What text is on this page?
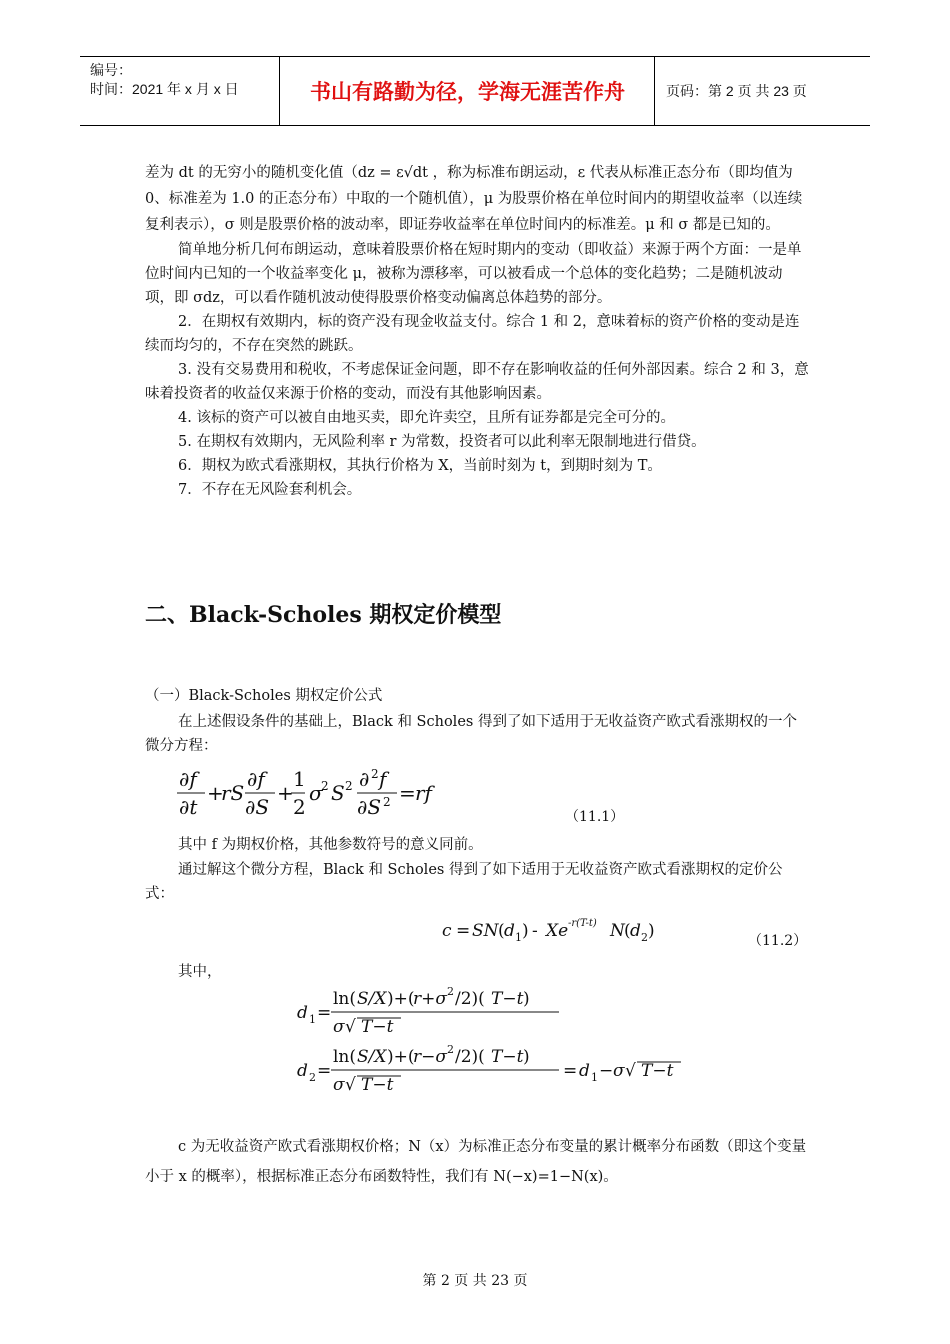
编号：
时间：2021 年 x 月 x 日	书山有路勤为径，学海无涯苦作舟	页码：第 2 页 共 23 页

差为 dt 的无穷小的随机变化值（dz = ε√dt ，称为标准布朗运动，ε 代表从标准正态分布（即均值为 0、标准差为 1.0 的正态分布）中取的一个随机值），μ 为股票价格在单位时间内的期望收益率（以连续复利表示），σ 则是股票价格的波动率，即证券收益率在单位时间内的标准差。μ 和 σ 都是已知的。

简单地分析几何布朗运动，意味着股票价格在短时期内的变动（即收益）来源于两个方面：一是单位时间内已知的一个收益率变化 μ，被称为漂移率，可以被看成一个总体的变化趋势；二是随机波动项，即 σdz，可以看作随机波动使得股票价格变动偏离总体趋势的部分。

2．在期权有效期内，标的资产没有现金收益支付。综合 1 和 2，意味着标的资产价格的变动是连续而均匀的，不存在突然的跳跃。

3. 没有交易费用和税收，不考虑保证金问题，即不存在影响收益的任何外部因素。综合 2 和 3，意味着投资者的收益仅来源于价格的变动，而没有其他影响因素。

4. 该标的资产可以被自由地买卖，即允许卖空，且所有证券都是完全可分的。

5. 在期权有效期内，无风险利率 r 为常数，投资者可以此利率无限制地进行借贷。

6．期权为欧式看涨期权，其执行价格为 X，当前时刻为 t，到期时刻为 T。

7．不存在无风险套利机会。

二、Black-Scholes 期权定价模型
（一）Black-Scholes 期权定价公式
在上述假设条件的基础上，Black 和 Scholes 得到了如下适用于无收益资产欧式看涨期权的一个微分方程：
∂f
∂t
+
rS
∂f
∂S
+
1
2
σ
2 S 2 ∂ 2 f
∂S 2 = rf
（11.1）
其中 f 为期权价格，其他参数符号的意义同前。
通过解这个微分方程，Black 和 Scholes 得到了如下适用于无收益资产欧式看涨期权的定价公式：
c = SN ( d 1 ) - Xe -r(T-t) N ( d 2 )	（11.2）
其中，
d 1 =
ln( S/X )+(
r+σ 2 /2)( T−t )
σ √ T−t
d 2 =
ln( S/X )+(
r−σ 2 /2)( T−t )
σ √ T−t
= d 1 − σ √ T−t
c 为无收益资产欧式看涨期权价格；N（x）为标准正态分布变量的累计概率分布函数（即这个变量小于 x 的概率），根据标准正态分布函数特性，我们有 N(−x)=1−N(x)。
第 2 页 共 23 页
